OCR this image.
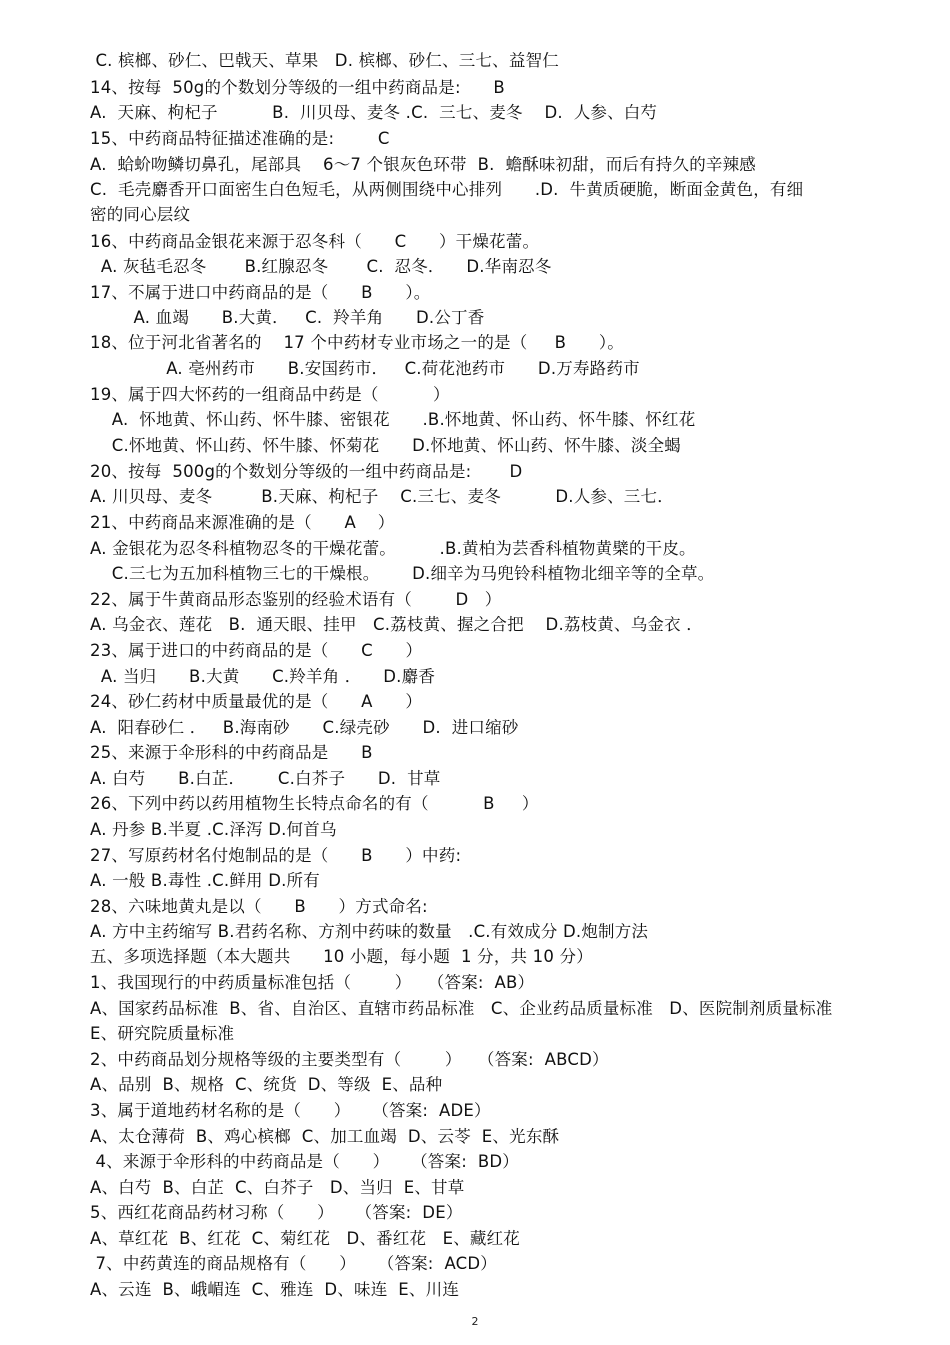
C. 槟榔、砂仁、巴戟天、草果   D. 槟榔、砂仁、三七、益智仁
14、按每  50g的个数划分等级的一组中药商品是:      B
A.  天麻、枸杞子          B.  川贝母、麦冬 .C.  三七、麦冬    D.  人参、白芍
15、中药商品特征描述准确的是:        C
A.  蛤蚧吻鳞切鼻孔，尾部具    6～7 个银灰色环带  B.  蟾酥味初甜，而后有持久的辛辣感
C.  毛壳麝香开口面密生白色短毛，从两侧围绕中心排列      .D.  牛黄质硬脆，断面金黄色，有细
密的同心层纹
16、中药商品金银花来源于忍冬科（      C      ）干燥花蕾。
A. 灰毡毛忍冬       B.红腺忍冬       C.  忍冬．    D.华南忍冬
17、不属于进口中药商品的是（      B      ）。
A. 血竭      B.大黄．   C.  羚羊角      D.公丁香
18、位于河北省著名的    17 个中药材专业市场之一的是（     B      ）。
A. 亳州药市      B.安国药市．   C.荷花池药市      D.万寿路药市
19、属于四大怀药的一组商品中药是（          ）
A.  怀地黄、怀山药、怀牛膝、密银花      .B.怀地黄、怀山药、怀牛膝、怀红花
C.怀地黄、怀山药、怀牛膝、怀菊花      D.怀地黄、怀山药、怀牛膝、淡全蝎
20、按每  500g的个数划分等级的一组中药商品是:       D
A. 川贝母、麦冬         B.天麻、枸杞子    C.三七、麦冬          D.人参、三七．
21、中药商品来源准确的是（      A    ）
A. 金银花为忍冬科植物忍冬的干燥花蕾。        .B.黄柏为芸香科植物黄檗的干皮。
C.三七为五加科植物三七的干燥根。      D.细辛为马兜铃科植物北细辛等的全草。
22、属于牛黄商品形态鉴别的经验术语有（        D   ）
A. 乌金衣、莲花   B.  通天眼、挂甲   C.荔枝黄、握之合把    D.荔枝黄、乌金衣 ．
23、属于进口的中药商品的是（      C      ）
A. 当归      B.大黄      C.羚羊角 ．    D.麝香
24、砂仁药材中质量最优的是（      A      ）
A.  阳春砂仁 ．   B.海南砂      C.绿壳砂      D.  进口缩砂
25、来源于伞形科的中药商品是      B
A. 白芍      B.白芷．      C.白芥子      D.  甘草
26、下列中药以药用植物生长特点命名的有（          B     ）
A. 丹参 B.半夏 .C.泽泻 D.何首乌
27、写原药材名付炮制品的是（      B      ）中药:
A. 一般 B.毒性 .C.鲜用 D.所有
28、六味地黄丸是以（      B      ）方式命名:
A. 方中主药缩写 B.君药名称、方剂中药味的数量   .C.有效成分 D.炮制方法
五、多项选择题（本大题共      10 小题，每小题  1 分，共 10 分）
1、我国现行的中药质量标准包括（        ）   （答案:  AB）
A、国家药品标准  B、省、自治区、直辖市药品标准   C、企业药品质量标准   D、医院制剂质量标准
E、研究院质量标准
2、中药商品划分规格等级的主要类型有（        ）   （答案:  ABCD）
A、品别  B、规格  C、统货  D、等级  E、品种
3、属于道地药材名称的是（      ）    （答案:  ADE）
A、太仓薄荷  B、鸡心槟榔  C、加工血竭  D、云苓  E、光东酥
4、来源于伞形科的中药商品是（      ）    （答案:  BD）
A、白芍  B、白芷  C、白芥子   D、当归  E、甘草
5、西红花商品药材习称（      ）    （答案:  DE）
A、草红花  B、红花  C、菊红花   D、番红花   E、藏红花
7、中药黄连的商品规格有（      ）    （答案:  ACD）
A、云连  B、峨嵋连  C、雅连  D、味连  E、川连
2
